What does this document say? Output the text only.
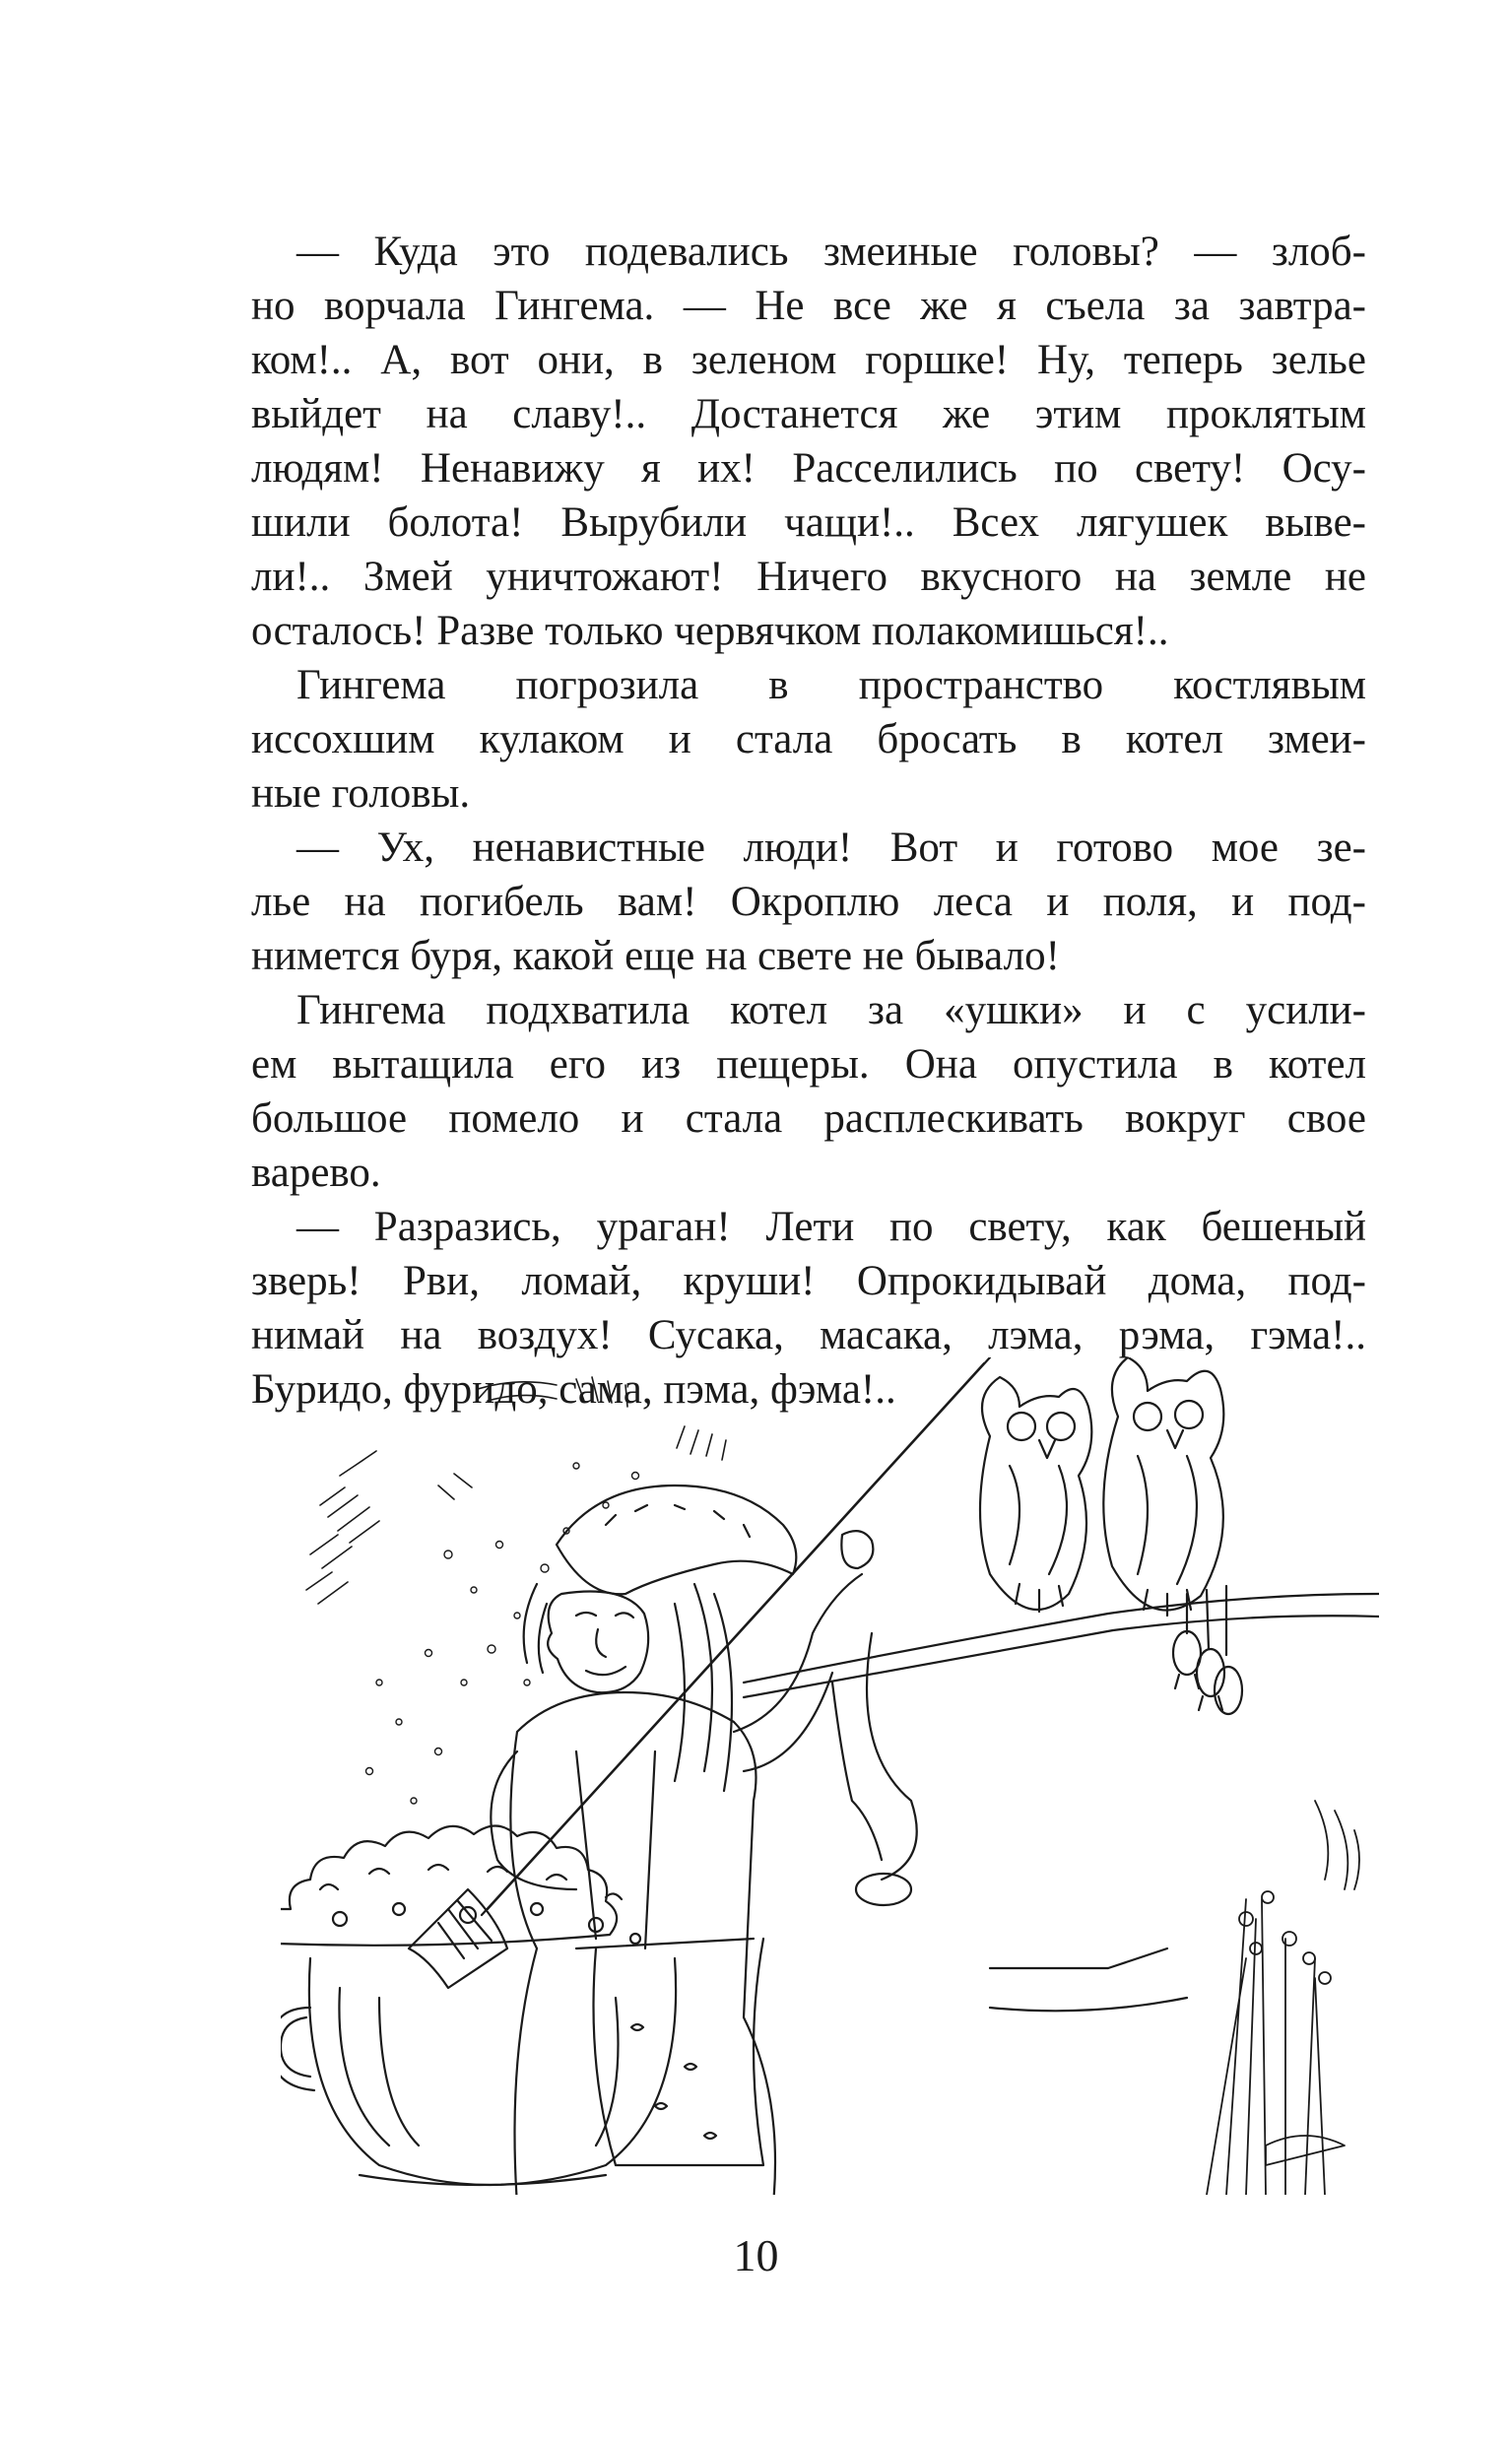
— Куда это подевались змеиные головы? — злоб-
но ворчала Гингема. — Не все же я съела за завтра-
ком!.. А, вот они, в зеленом горшке! Ну, теперь зелье
выйдет на славу!.. Достанется же этим проклятым
людям! Ненавижу я их! Расселились по свету! Осу-
шили болота! Вырубили чащи!.. Всех лягушек выве-
ли!.. Змей уничтожают! Ничего вкусного на земле не
осталось! Разве только червячком полакомишься!..
Гингема погрозила в пространство костлявым
иссохшим кулаком и стала бросать в котел змеи-
ные головы.
— Ух, ненавистные люди! Вот и готово мое зе-
лье на погибель вам! Окроплю леса и поля, и под-
нимется буря, какой еще на свете не бывало!
Гингема подхватила котел за «ушки» и с усили-
ем вытащила его из пещеры. Она опустила в котел
большое помело и стала расплескивать вокруг свое
варево.
— Разразись, ураган! Лети по свету, как бешеный
зверь! Рви, ломай, круши! Опрокидывай дома, под-
нимай на воздух! Сусака, масака, лэма, рэма, гэма!..
Буридо, фуридо, сама, пэма, фэма!..
10
